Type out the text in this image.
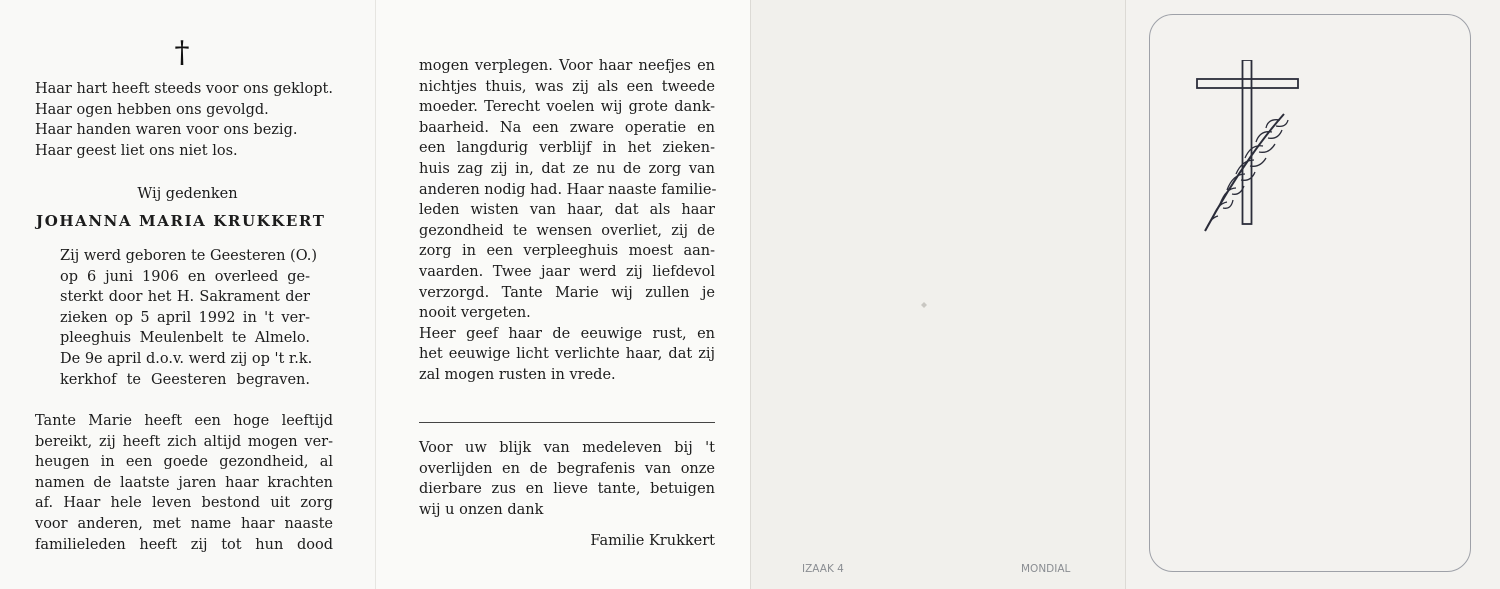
†
Haar hart heeft steeds voor ons geklopt.
Haar ogen hebben ons gevolgd.
Haar handen waren voor ons bezig.
Haar geest liet ons niet los.
Wij gedenken
JOHANNA MARIA KRUKKERT
Zij werd geboren te Geesteren (O.)
op 6 juni 1906 en overleed ge-
sterkt door het H. Sakrament der
zieken op 5 april 1992 in 't ver-
pleeghuis Meulenbelt te Almelo.
De 9e april d.o.v. werd zij op 't r.k.
kerkhof te Geesteren begraven.
Tante Marie heeft een hoge leeftijd
bereikt, zij heeft zich altijd mogen ver-
heugen in een goede gezondheid, al
namen de laatste jaren haar krachten
af. Haar hele leven bestond uit zorg
voor anderen, met name haar naaste
familieleden heeft zij tot hun dood
mogen verplegen. Voor haar neefjes en
nichtjes thuis, was zij als een tweede
moeder. Terecht voelen wij grote dank-
baarheid. Na een zware operatie en
een langdurig verblijf in het zieken-
huis zag zij in, dat ze nu de zorg van
anderen nodig had. Haar naaste familie-
leden wisten van haar, dat als haar
gezondheid te wensen overliet, zij de
zorg in een verpleeghuis moest aan-
vaarden. Twee jaar werd zij liefdevol
verzorgd. Tante Marie wij zullen je
nooit vergeten.
Heer geef haar de eeuwige rust, en
het eeuwige licht verlichte haar, dat zij
zal mogen rusten in vrede.
Voor uw blijk van medeleven bij 't
overlijden en de begrafenis van onze
dierbare zus en lieve tante, betuigen
wij u onzen dank
Familie Krukkert
IZAAK 4	MONDIAL
